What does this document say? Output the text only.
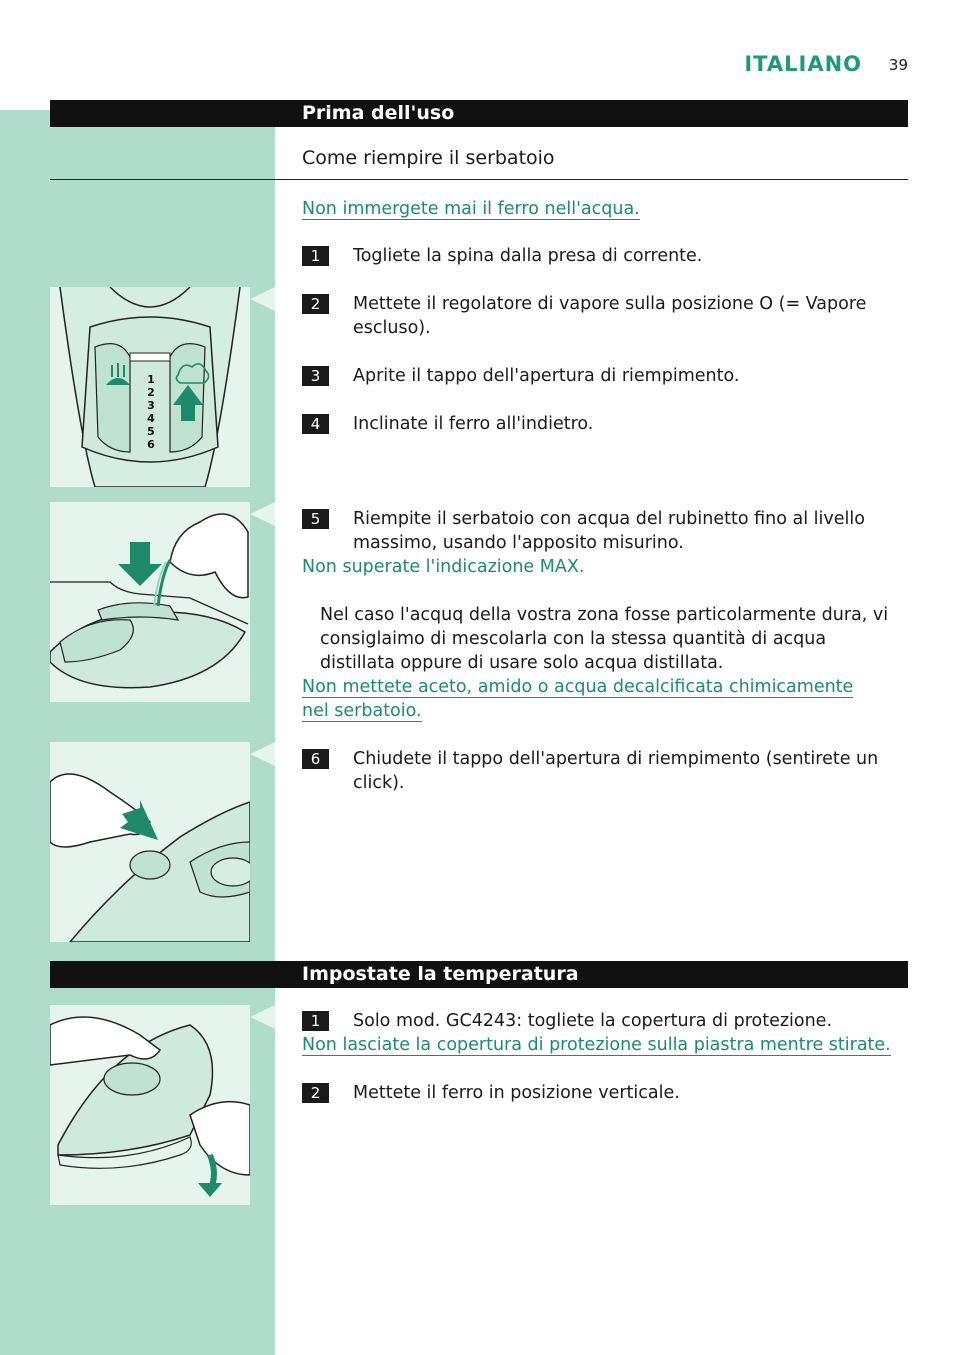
ITALIANO 39
Prima dell'uso
Come riempire il serbatoio
Non immergete mai il ferro nell'acqua.
1	Togliete la spina dalla presa di corrente.
2	Mettete il regolatore di vapore sulla posizione O (= Vapore escluso).
3	Aprite il tappo dell'apertura di riempimento.
4	Inclinate il ferro all'indietro.
5	Riempite il serbatoio con acqua del rubinetto fino al livello massimo, usando l'apposito misurino.
Non superate l'indicazione MAX.
Nel caso l'acquq della vostra zona fosse particolarmente dura, vi consiglaimo di mescolarla con la stessa quantità di acqua distillata oppure di usare solo acqua distillata.
Non mettete aceto, amido o acqua decalcificata chimicamente nel serbatoio.
6	Chiudete il tappo dell'apertura di riempimento (sentirete un click).
Impostate la temperatura
1	Solo mod. GC4243: togliete la copertura di protezione.
Non lasciate la copertura di protezione sulla piastra mentre stirate.
2	Mettete il ferro in posizione verticale.
1
2
3
4
5
6
